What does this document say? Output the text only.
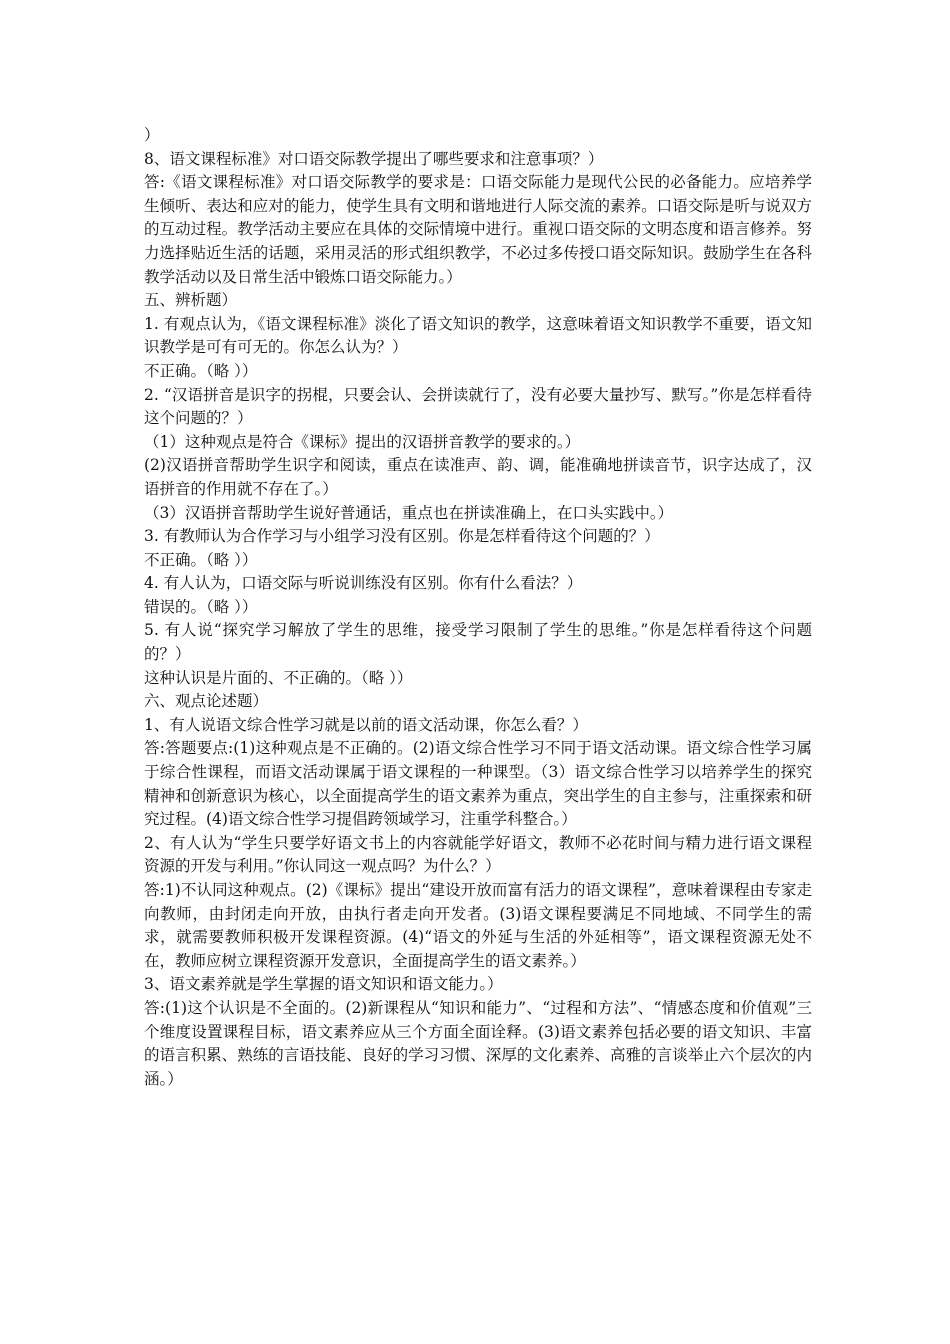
）

8、语文课程标准》对口语交际教学提出了哪些要求和注意事项？）

答:《语文课程标准》对口语交际教学的要求是：口语交际能力是现代公民的必备能力。应培养学生倾听、表达和应对的能力，使学生具有文明和谐地进行人际交流的素养。口语交际是听与说双方的互动过程。教学活动主要应在具体的交际情境中进行。重视口语交际的文明态度和语言修养。努力选择贴近生活的话题，采用灵活的形式组织教学，不必过多传授口语交际知识。鼓励学生在各科教学活动以及日常生活中锻炼口语交际能力。）

五、辨析题）

1. 有观点认为，《语文课程标准》淡化了语文知识的教学，这意味着语文知识教学不重要，语文知识教学是可有可无的。你怎么认为？）

不正确。（略 ））

2. “汉语拼音是识字的拐棍，只要会认、会拼读就行了，没有必要大量抄写、默写。”你是怎样看待这个问题的？）

（1）这种观点是符合《课标》提出的汉语拼音教学的要求的。）

(2)汉语拼音帮助学生识字和阅读，重点在读准声、韵、调，能准确地拼读音节，识字达成了，汉语拼音的作用就不存在了。）

（3）汉语拼音帮助学生说好普通话，重点也在拼读准确上，在口头实践中。）

3. 有教师认为合作学习与小组学习没有区别。你是怎样看待这个问题的？）

不正确。（略 ））

4. 有人认为，口语交际与听说训练没有区别。你有什么看法？）

错误的。（略 ））

5. 有人说“探究学习解放了学生的思维，接受学习限制了学生的思维。”你是怎样看待这个问题的？）

这种认识是片面的、不正确的。（略 ））

六、观点论述题）

1、有人说语文综合性学习就是以前的语文活动课，你怎么看？）

答:答题要点:(1)这种观点是不正确的。(2)语文综合性学习不同于语文活动课。语文综合性学习属于综合性课程，而语文活动课属于语文课程的一种课型。（3）语文综合性学习以培养学生的探究精神和创新意识为核心，以全面提高学生的语文素养为重点，突出学生的自主参与，注重探索和研究过程。(4)语文综合性学习提倡跨领域学习，注重学科整合。）

2、有人认为“学生只要学好语文书上的内容就能学好语文，教师不必花时间与精力进行语文课程资源的开发与利用。”你认同这一观点吗？为什么？）

答:1)不认同这种观点。(2)《课标》提出“建设开放而富有活力的语文课程”，意味着课程由专家走向教师，由封闭走向开放，由执行者走向开发者。(3)语文课程要满足不同地域、不同学生的需求，就需要教师积极开发课程资源。(4)“语文的外延与生活的外延相等”，语文课程资源无处不在，教师应树立课程资源开发意识，全面提高学生的语文素养。）

3、语文素养就是学生掌握的语文知识和语文能力。）

答:(1)这个认识是不全面的。(2)新课程从“知识和能力”、“过程和方法”、“情感态度和价值观”三个维度设置课程目标，语文素养应从三个方面全面诠释。(3)语文素养包括必要的语文知识、丰富的语言积累、熟练的言语技能、良好的学习习惯、深厚的文化素养、高雅的言谈举止六个层次的内涵。）
